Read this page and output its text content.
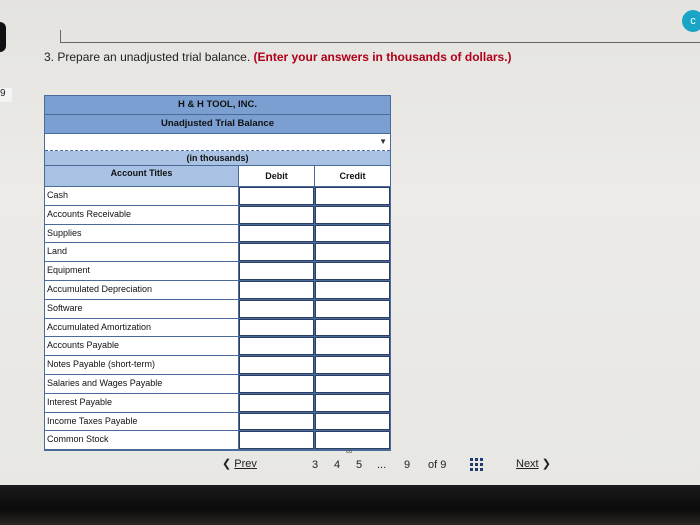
9
c
3. Prepare an unadjusted trial balance. (Enter your answers in thousands of dollars.)
H & H TOOL, INC.
Unadjusted Trial Balance
▼
(in thousands)
Account Titles	Debit	Credit
Cash
Accounts Receivable
Supplies
Land
Equipment
Accumulated Depreciation
Software
Accumulated Amortization
Accounts Payable
Notes Payable (short-term)
Salaries and Wages Payable
Interest Payable
Income Taxes Payable
Common Stock
❮ Prev	3 4
∞
5 ... 9 of 9	Next ❯
